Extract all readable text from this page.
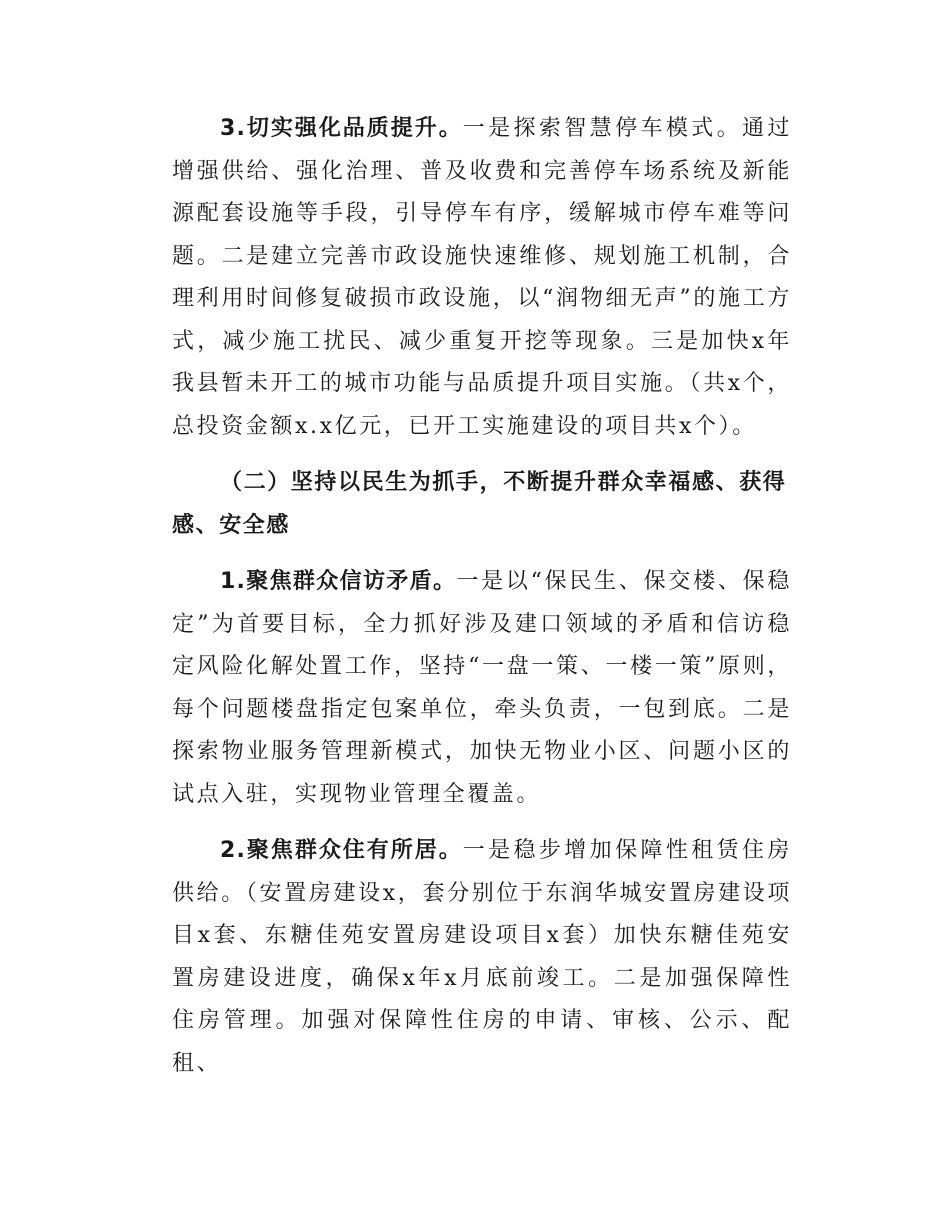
3.切实强化品质提升。一是探索智慧停车模式。通过增强供给、强化治理、普及收费和完善停车场系统及新能源配套设施等手段，引导停车有序，缓解城市停车难等问题。二是建立完善市政设施快速维修、规划施工机制，合理利用时间修复破损市政设施，以“润物细无声”的施工方式，减少施工扰民、减少重复开挖等现象。三是加快x年我县暂未开工的城市功能与品质提升项目实施。（共x个，总投资金额x.x亿元，已开工实施建设的项目共x个）。

（二）坚持以民生为抓手，不断提升群众幸福感、获得感、安全感

1.聚焦群众信访矛盾。一是以“保民生、保交楼、保稳定”为首要目标，全力抓好涉及建口领域的矛盾和信访稳定风险化解处置工作，坚持“一盘一策、一楼一策”原则，每个问题楼盘指定包案单位，牵头负责，一包到底。二是探索物业服务管理新模式，加快无物业小区、问题小区的试点入驻，实现物业管理全覆盖。

2.聚焦群众住有所居。一是稳步增加保障性租赁住房供给。（安置房建设x，套分别位于东润华城安置房建设项目x套、东糖佳苑安置房建设项目x套）加快东糖佳苑安置房建设进度，确保x年x月底前竣工。二是加强保障性住房管理。加强对保障性住房的申请、审核、公示、配租、
